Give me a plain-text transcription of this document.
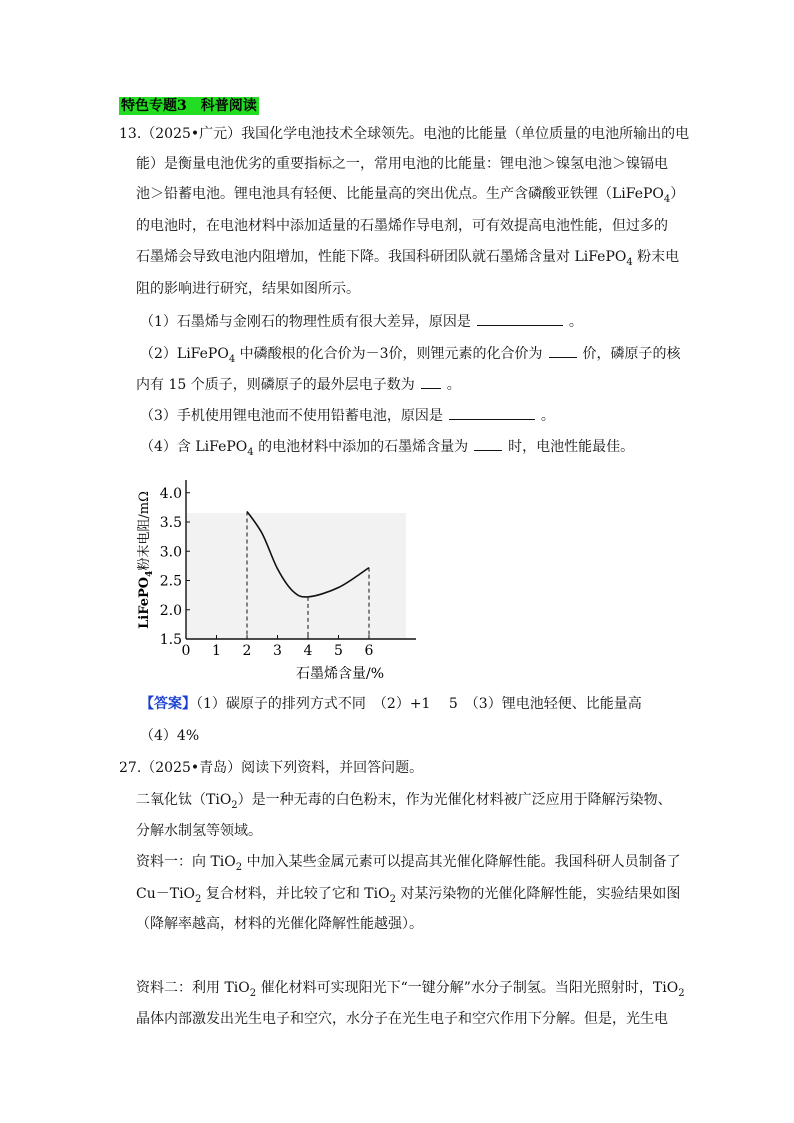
特色专题3 科普阅读
13.（2025•广元）我国化学电池技术全球领先。电池的比能量（单位质量的电池所输出的电
能）是衡量电池优劣的重要指标之一，常用电池的比能量：锂电池＞镍氢电池＞镍镉电
池＞铅蓄电池。锂电池具有轻便、比能量高的突出优点。生产含磷酸亚铁锂（LiFePO$_4$）
的电池时，在电池材料中添加适量的石墨烯作导电剂，可有效提高电池性能，但过多的
石墨烯会导致电池内阻增加，性能下降。我国科研团队就石墨烯含量对 LiFePO$_4$ 粉末电
阻的影响进行研究，结果如图所示。
（1）石墨烯与金刚石的物理性质有很大差异，原因是	。
（2）LiFePO$_4$ 中磷酸根的化合价为－3价，则锂元素的化合价为	价，磷原子的核
内有 15 个质子，则磷原子的最外层电子数为 。
（3）手机使用锂电池而不使用铅蓄电池，原因是	。
（4）含 LiFePO$_4$ 的电池材料中添加的石墨烯含量为	时，电池性能最佳。
0 1 2 3 4 5 6
1.5
2.0
2.5
3.0
3.5
4.0
石墨烯含量/%
LiFePO$_4$粉末电阻/mΩ
【答案】（1）碳原子的排列方式不同　（2）+1　 5　（3）锂电池轻便、比能量高
（4）4%
27.（2025•青岛）阅读下列资料，并回答问题。
二氧化钛（TiO$_2$）是一种无毒的白色粉末，作为光催化材料被广泛应用于降解污染物、
分解水制氢等领域。
资料一：向 TiO$_2$ 中加入某些金属元素可以提高其光催化降解性能。我国科研人员制备了
Cu－TiO$_2$ 复合材料，并比较了它和 TiO$_2$ 对某污染物的光催化降解性能，实验结果如图
（降解率越高，材料的光催化降解性能越强）。
资料二：利用 TiO$_2$ 催化材料可实现阳光下“一键分解”水分子制氢。当阳光照射时，TiO$_2$
晶体内部激发出光生电子和空穴，水分子在光生电子和空穴作用下分解。但是，光生电
